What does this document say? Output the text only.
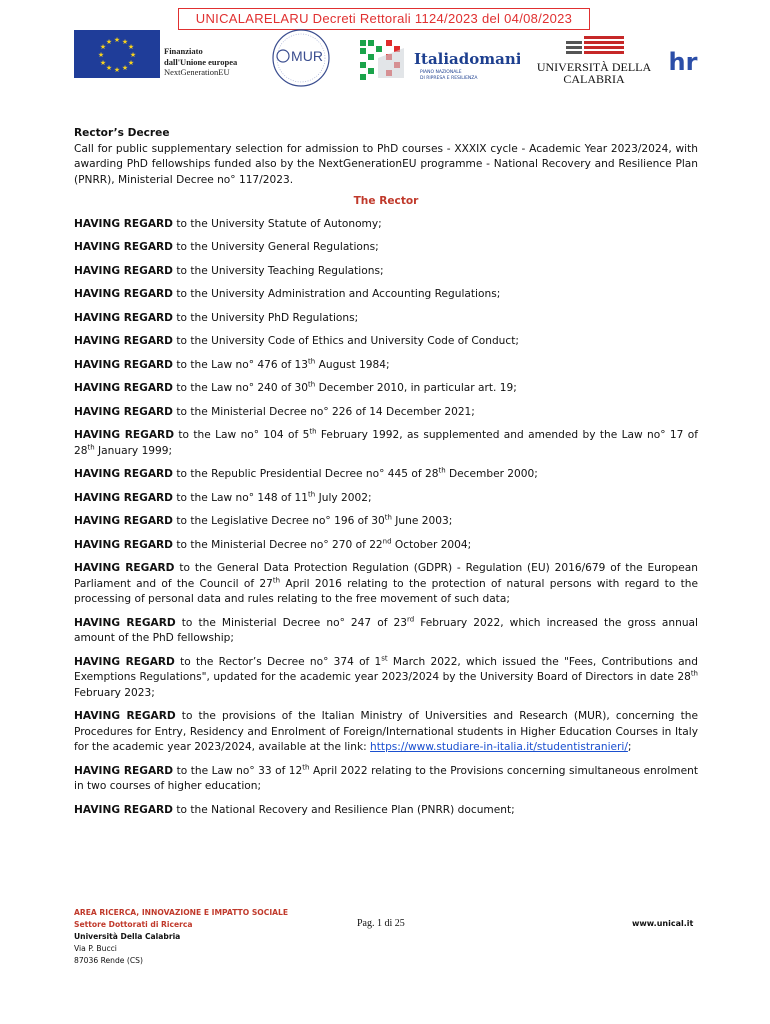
UNICALARELARU Decreti Rettorali 1124/2023 del 04/08/2023
★ ★
★
★
★
★
★
★
★
★
★
★
Finanziato
dall'Unione europea
NextGenerationEU
MUR	Italiadomani
PIANO NAZIONALE
DI RIPRESA E RESILIENZA
UNIVERSITÀ DELLA
CALABRIA
hr

Rector’s Decree

Call for public supplementary selection for admission to PhD courses - XXXIX cycle - Academic Year 2023/2024, with awarding PhD fellowships funded also by the NextGenerationEU programme - National Recovery and Resilience Plan (PNRR), Ministerial Decree no° 117/2023.

The Rector

HAVING REGARD to the University Statute of Autonomy;

HAVING REGARD to the University General Regulations;

HAVING REGARD to the University Teaching Regulations;

HAVING REGARD to the University Administration and Accounting Regulations;

HAVING REGARD to the University PhD Regulations;

HAVING REGARD to the University Code of Ethics and University Code of Conduct;

HAVING REGARD to the Law no° 476 of 13th August 1984;

HAVING REGARD to the Law no° 240 of 30th December 2010, in particular art. 19;

HAVING REGARD to the Ministerial Decree no° 226 of 14 December 2021;

HAVING REGARD to the Law no° 104 of 5th February 1992, as supplemented and amended by the Law no° 17 of 28th January 1999;

HAVING REGARD to the Republic Presidential Decree no° 445 of 28th December 2000;

HAVING REGARD to the Law no° 148 of 11th July 2002;

HAVING REGARD to the Legislative Decree no° 196 of 30th June 2003;

HAVING REGARD to the Ministerial Decree no° 270 of 22nd October 2004;

HAVING REGARD to the General Data Protection Regulation (GDPR) - Regulation (EU) 2016/679 of the European Parliament and of the Council of 27th April 2016 relating to the protection of natural persons with regard to the processing of personal data and rules relating to the free movement of such data;

HAVING REGARD to the Ministerial Decree no° 247 of 23rd February 2022, which increased the gross annual amount of the PhD fellowship;

HAVING REGARD to the Rector’s Decree no° 374 of 1st March 2022, which issued the "Fees, Contributions and Exemptions Regulations", updated for the academic year 2023/2024 by the University Board of Directors in date 28th February 2023;

HAVING REGARD to the provisions of the Italian Ministry of Universities and Research (MUR), concerning the Procedures for Entry, Residency and Enrolment of Foreign/International students in Higher Education Courses in Italy for the academic year 2023/2024, available at the link: https://www.studiare-in-italia.it/studentistranieri/;

HAVING REGARD to the Law no° 33 of 12th April 2022 relating to the Provisions concerning simultaneous enrolment in two courses of higher education;

HAVING REGARD to the National Recovery and Resilience Plan (PNRR) document;

AREA RICERCA, INNOVAZIONE E IMPATTO SOCIALE
Settore Dottorati di Ricerca
Università Della Calabria
Via P. Bucci
87036 Rende (CS)
Pag. 1 di 25	www.unical.it
